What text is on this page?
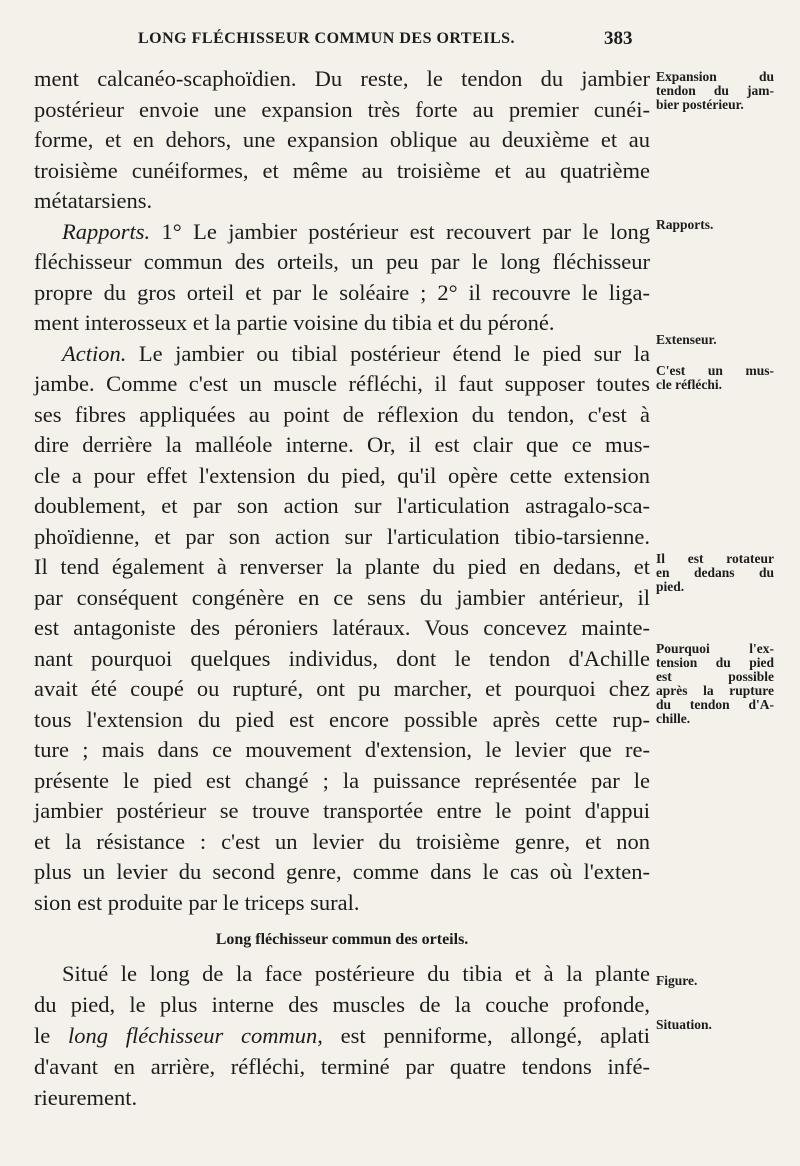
LONG FLÉCHISSEUR COMMUN DES ORTEILS.	383
ment calcanéo-scaphoïdien. Du reste, le tendon du jambier
postérieur envoie une expansion très forte au premier cunéi-
forme, et en dehors, une expansion oblique au deuxième et au
troisième cunéiformes, et même au troisième et au quatrième
métatarsiens.
Rapports. 1° Le jambier postérieur est recouvert par le long
fléchisseur commun des orteils, un peu par le long fléchisseur
propre du gros orteil et par le soléaire ; 2° il recouvre le liga-
ment interosseux et la partie voisine du tibia et du péroné.
Action. Le jambier ou tibial postérieur étend le pied sur la
jambe. Comme c'est un muscle réfléchi, il faut supposer toutes
ses fibres appliquées au point de réflexion du tendon, c'est à
dire derrière la malléole interne. Or, il est clair que ce mus-
cle a pour effet l'extension du pied, qu'il opère cette extension
doublement, et par son action sur l'articulation astragalo-sca-
phoïdienne, et par son action sur l'articulation tibio-tarsienne.
Il tend également à renverser la plante du pied en dedans, et
par conséquent congénère en ce sens du jambier antérieur, il
est antagoniste des péroniers latéraux. Vous concevez mainte-
nant pourquoi quelques individus, dont le tendon d'Achille
avait été coupé ou rupturé, ont pu marcher, et pourquoi chez
tous l'extension du pied est encore possible après cette rup-
ture ; mais dans ce mouvement d'extension, le levier que re-
présente le pied est changé ; la puissance représentée par le
jambier postérieur se trouve transportée entre le point d'appui
et la résistance : c'est un levier du troisième genre, et non
plus un levier du second genre, comme dans le cas où l'exten-
sion est produite par le triceps sural.
Long fléchisseur commun des orteils.
Situé le long de la face postérieure du tibia et à la plante
du pied, le plus interne des muscles de la couche profonde,
le long fléchisseur commun, est penniforme, allongé, aplati
d'avant en arrière, réfléchi, terminé par quatre tendons infé-
rieurement.
Expansion du
tendon du jam-
bier postérieur.
Rapports.
Extenseur.
C'est un mus-
cle réfléchi.
Il est rotateur
en dedans du
pied.
Pourquoi l'ex-
tension du pied
est possible
après la rupture
du tendon d'A-
chille.
Figure.
Situation.
